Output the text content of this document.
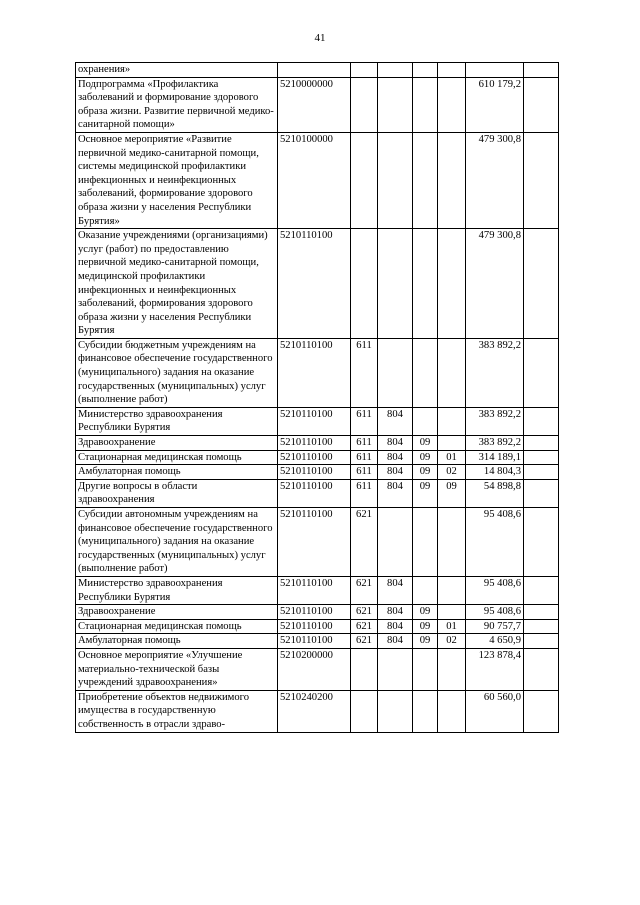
41
охранения»							
Подпрограмма «Профилактика заболеваний и формирование здорового образа жизни. Развитие первичной медико-санитарной помощи»	5210000000					610 179,2	
Основное мероприятие «Развитие первичной медико-санитарной помощи, системы медицинской профилактики инфекционных и неинфекционных заболеваний, формирование здорового образа жизни у населения Республики Бурятия»	5210100000					479 300,8	
Оказание учреждениями (организациями) услуг (работ) по предоставлению первичной медико-санитарной помощи, медицинской профилактики инфекционных и неинфекционных заболеваний, формирования здорового образа жизни у населения Республики Бурятия	5210110100					479 300,8	
Субсидии бюджетным учреждениям на финансовое обеспечение государственного (муниципального) задания на оказание государственных (муниципальных) услуг (выполнение работ)	5210110100	611				383 892,2	
Министерство здравоохранения Республики Бурятия	5210110100	611	804			383 892,2	
Здравоохранение	5210110100	611	804	09		383 892,2	
Стационарная медицинская помощь	5210110100	611	804	09	01	314 189,1	
Амбулаторная помощь	5210110100	611	804	09	02	14 804,3	
Другие вопросы в области здравоохранения	5210110100	611	804	09	09	54 898,8	
Субсидии автономным учреждениям на финансовое обеспечение государственного (муниципального) задания на оказание государственных (муниципальных) услуг (выполнение работ)	5210110100	621				95 408,6	
Министерство здравоохранения Республики Бурятия	5210110100	621	804			95 408,6	
Здравоохранение	5210110100	621	804	09		95 408,6	
Стационарная медицинская помощь	5210110100	621	804	09	01	90 757,7	
Амбулаторная помощь	5210110100	621	804	09	02	4 650,9	
Основное мероприятие «Улучшение материально-технической базы учреждений здравоохранения»	5210200000					123 878,4	
Приобретение объектов недвижимого имущества в государственную собственность в отрасли здраво-	5210240200					60 560,0	
